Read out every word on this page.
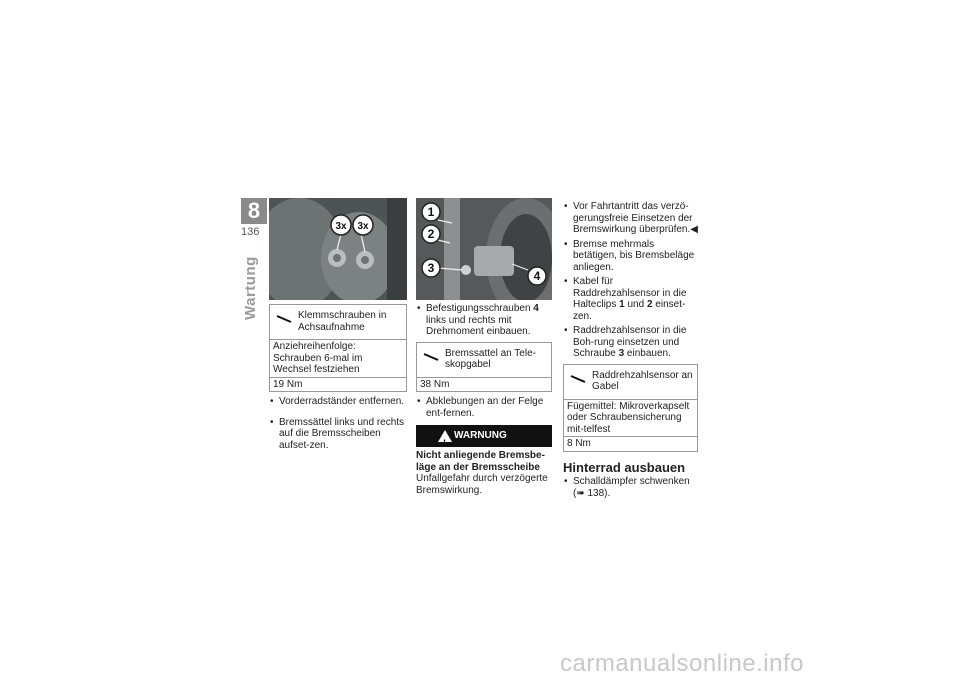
8
136
Wartung
3x 3x
1
2
3
4
Klemmschrauben in Achsaufnahme
Anziehreihenfolge: Schrauben 6-mal im Wechsel festziehen
19 Nm
• Vorderradständer entfernen.
• Bremssättel links und rechts auf die Bremsscheiben aufset-zen.
• Befestigungsschrauben 4 links und rechts mit Drehmoment einbauen.
Bremssattel an Tele-skopgabel
38 Nm
• Abklebungen an der Felge ent-fernen.
!
WARNUNG
Nicht anliegende Bremsbe-läge an der Bremsscheibe
Unfallgefahr durch verzögerte Bremswirkung.
• Vor Fahrtantritt das verzö-gerungsfreie Einsetzen der Bremswirkung überprüfen.◀
• Bremse mehrmals betätigen, bis Bremsbeläge anliegen.
• Kabel für Raddrehzahlsensor in die Halteclips 1 und 2 einset-zen.
• Raddrehzahlsensor in die Boh-rung einsetzen und Schraube 3 einbauen.
Raddrehzahlsensor an Gabel
Fügemittel: Mikroverkapselt oder Schraubensicherung mit-telfest
8 Nm
Hinterrad ausbauen
• Schalldämpfer schwenken (➠ 138).
carmanualsonline.info
